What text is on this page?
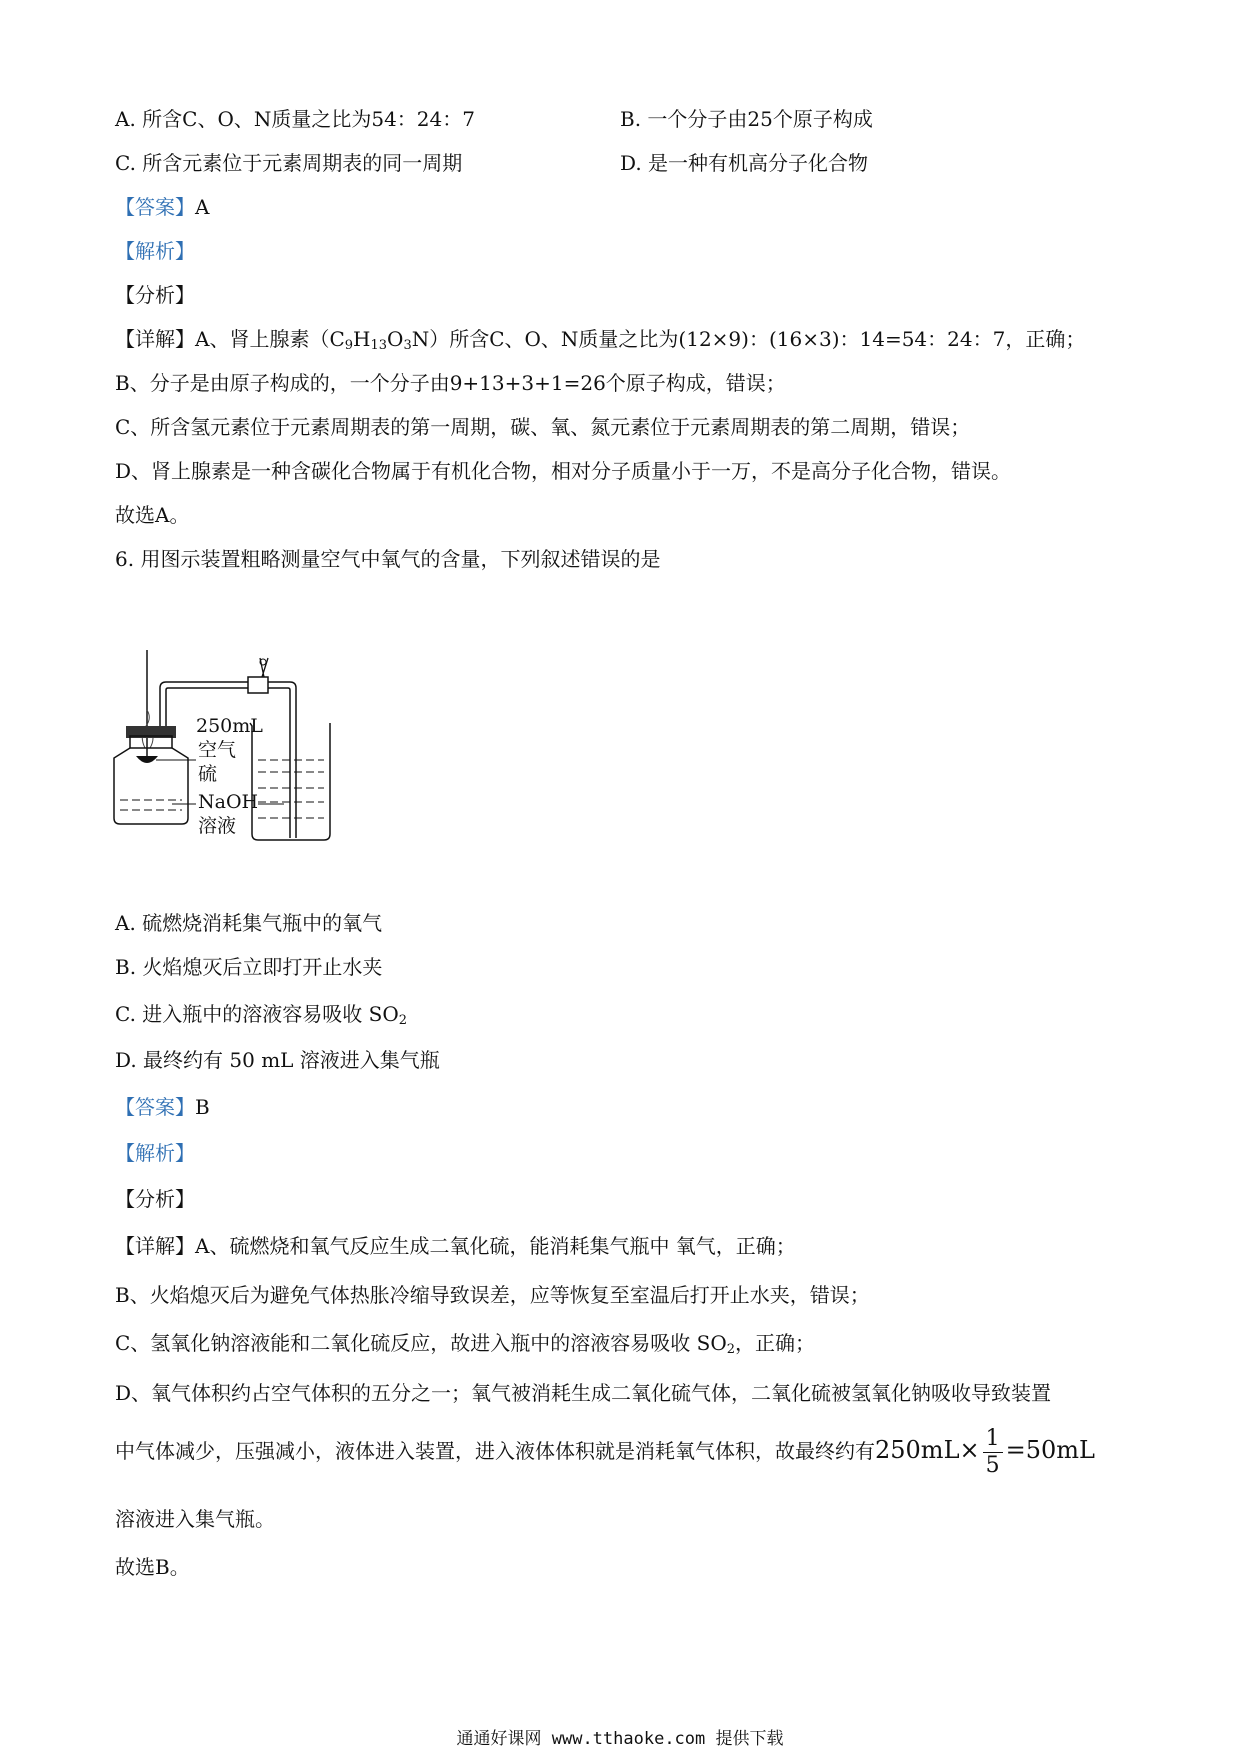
A. 所含C、O、N质量之比为54：24：7	B. 一个分子由25个原子构成
C. 所含元素位于元素周期表的同一周期	D. 是一种有机高分子化合物
【答案】A
【解析】
【分析】
【详解】A、肾上腺素$(C_9H_{13}O_3N)$所含C、O、N质量之比为(12×9)：(16×3)：14=54：24：7，正确；
B、分子是由原子构成的，一个分子由9+13+3+1=26个原子构成，错误；
C、所含氢元素位于元素周期表的第一周期，碳、氧、氮元素位于元素周期表的第二周期，错误；
D、肾上腺素是一种含碳化合物属于有机化合物，相对分子质量小于一万，不是高分子化合物，错误。
故选A。
6. 用图示装置粗略测量空气中氧气的含量，下列叙述错误的是
250mL
空气
硫
NaOH
溶液
A. 硫燃烧消耗集气瓶中的氧气
B. 火焰熄灭后立即打开止水夹
C. 进入瓶中的溶液容易吸收 $SO_2$
D. 最终约有 50 mL 溶液进入集气瓶
【答案】B
【解析】
【分析】
【详解】A、硫燃烧和氧气反应生成二氧化硫，能消耗集气瓶中 氧气，正确；
B、火焰熄灭后为避免气体热胀冷缩导致误差，应等恢复至室温后打开止水夹，错误；
C、氢氧化钠溶液能和二氧化硫反应，故进入瓶中的溶液容易吸收 $SO_2$，正确；
D、氧气体积约占空气体积的五分之一；氧气被消耗生成二氧化硫气体，二氧化硫被氢氧化钠吸收导致装置
中气体减少，压强减小，液体进入装置，进入液体体积就是消耗氧气体积，故最终约有$250mL\times \frac{1}{5} =50mL$
溶液进入集气瓶。
故选B。
通通好课网 www.tthaoke.com 提供下载
